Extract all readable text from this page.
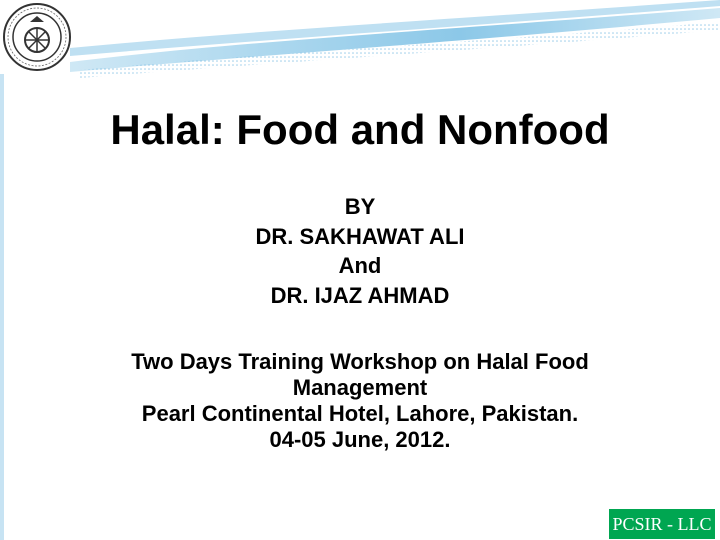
Halal: Food and Nonfood
BY
DR. SAKHAWAT ALI
And
DR. IJAZ AHMAD
Two Days Training Workshop on Halal Food
Management
Pearl Continental Hotel, Lahore, Pakistan.
04-05 June, 2012.
PCSIR - LLC
